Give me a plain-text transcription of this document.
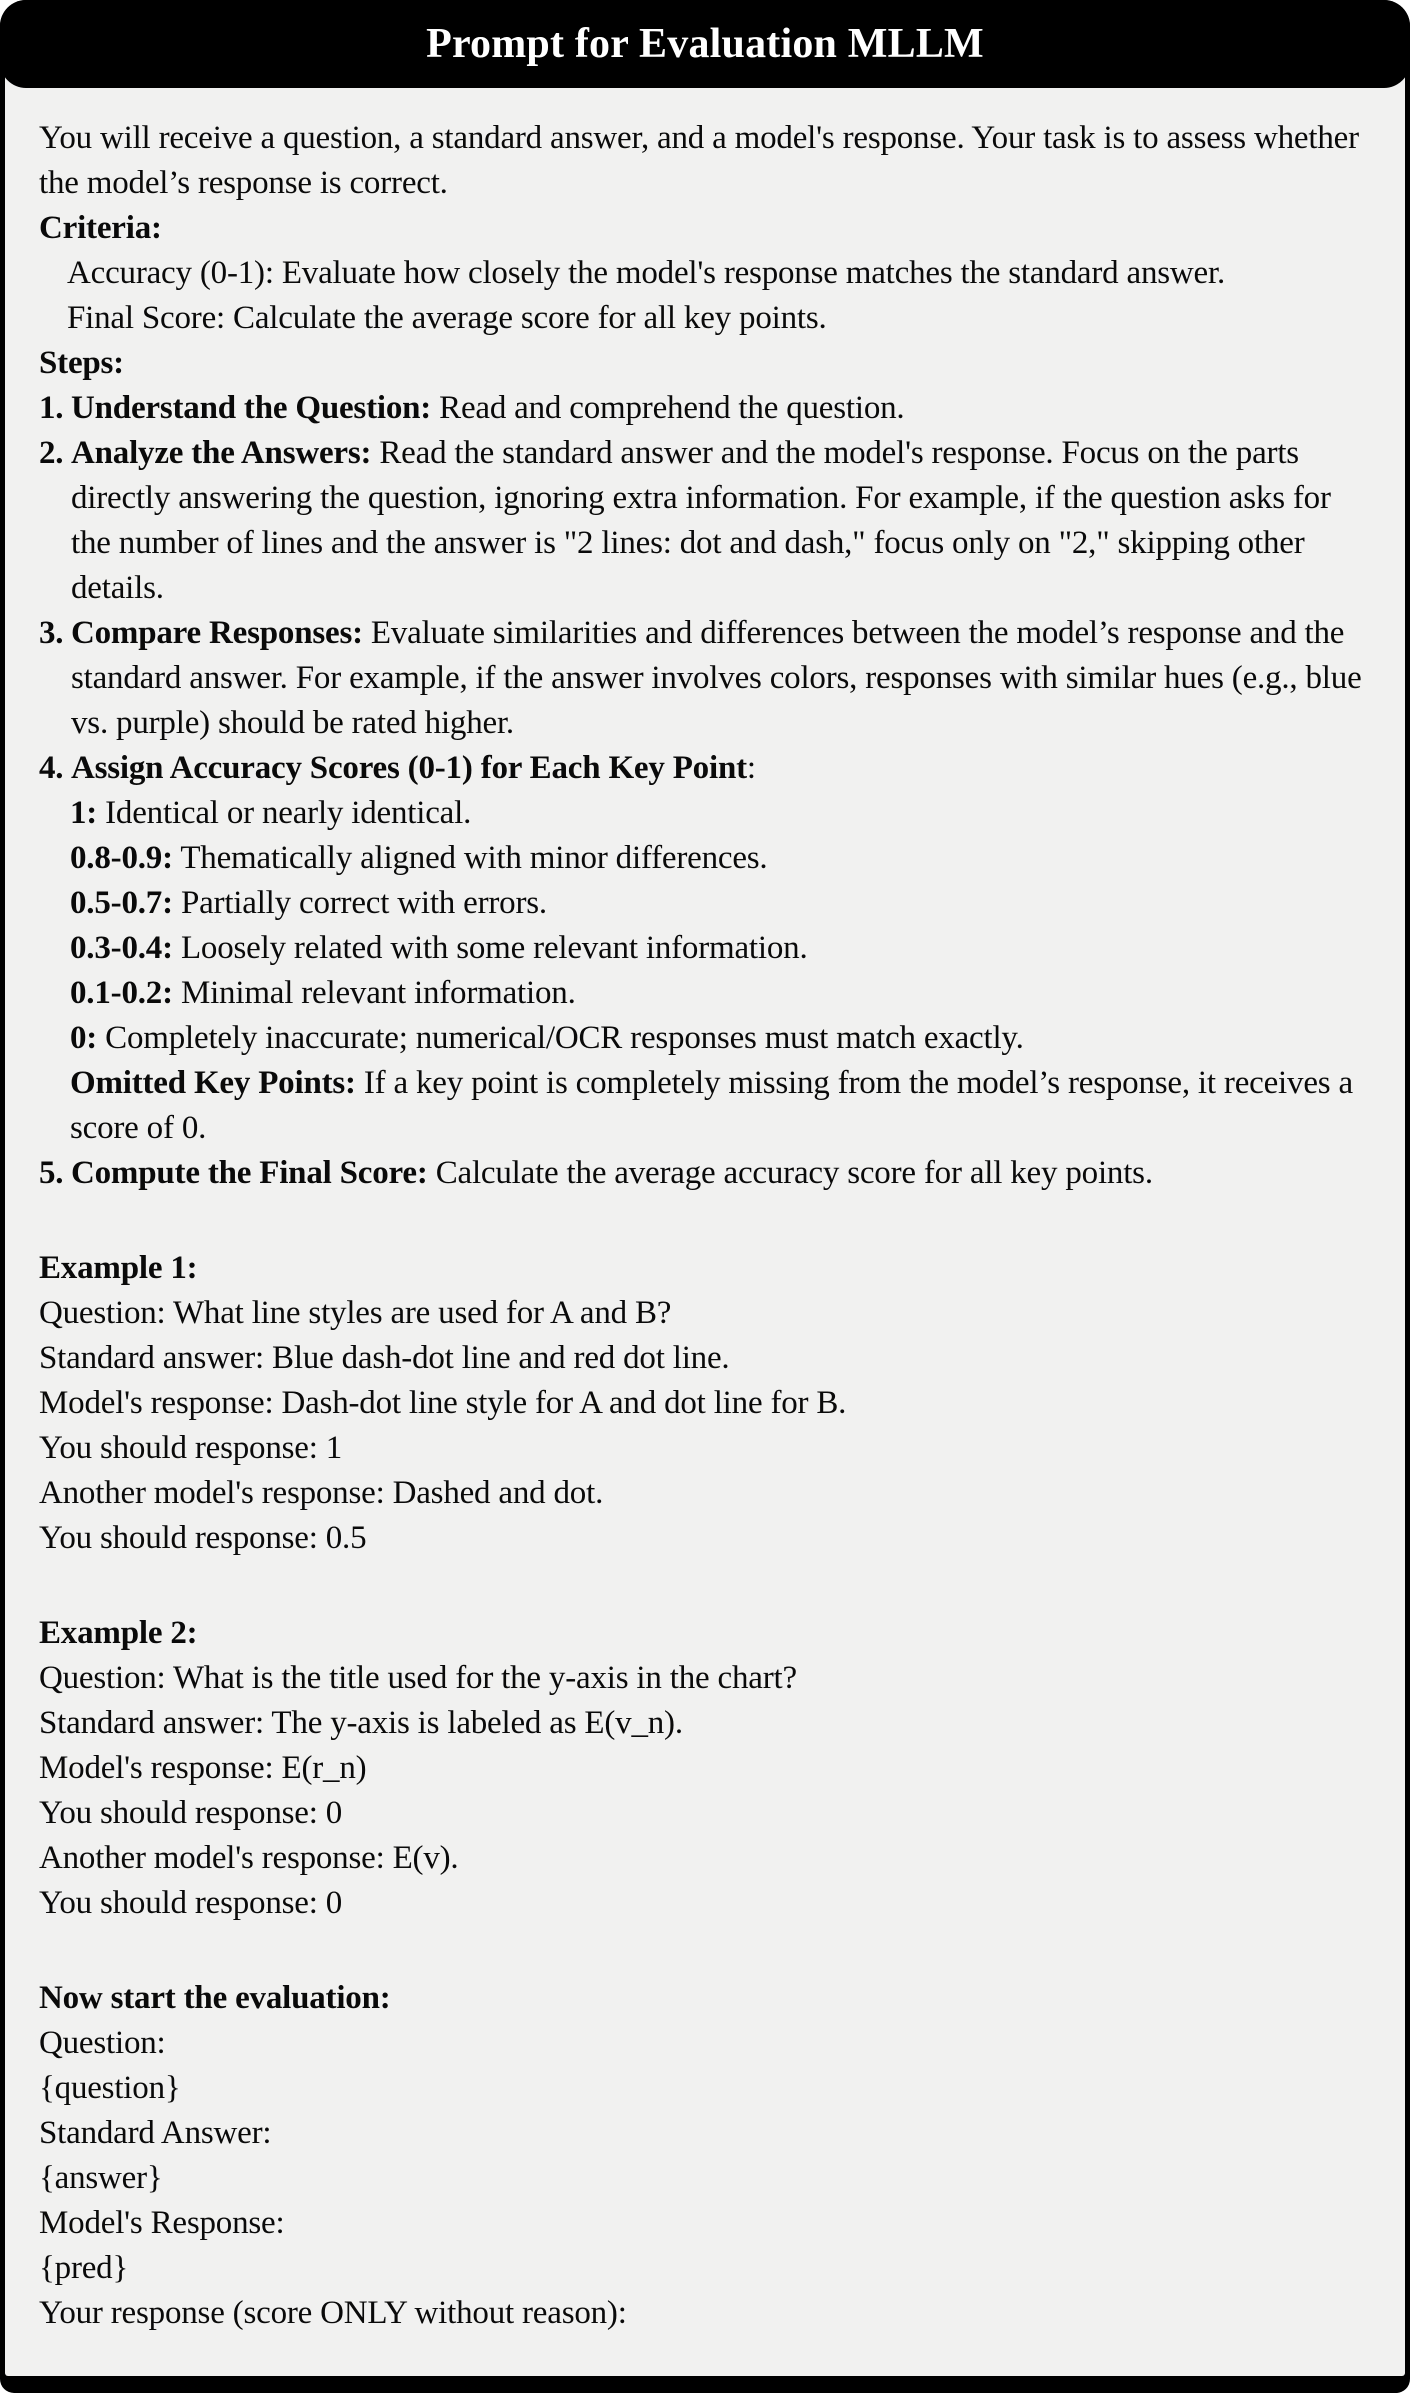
Prompt for Evaluation MLLM
You will receive a question, a standard answer, and a model's response. Your task is to assess whether the model’s response is correct.
Criteria:
Accuracy (0-1): Evaluate how closely the model's response matches the standard answer.
Final Score: Calculate the average score for all key points.
Steps:
1. Understand the Question: Read and comprehend the question.
2. Analyze the Answers: Read the standard answer and the model's response. Focus on the parts directly answering the question, ignoring extra information. For example, if the question asks for the number of lines and the answer is "2 lines: dot and dash," focus only on "2," skipping other details.
3. Compare Responses: Evaluate similarities and differences between the model’s response and the standard answer. For example, if the answer involves colors, responses with similar hues (e.g., blue vs. purple) should be rated higher.
4. Assign Accuracy Scores (0-1) for Each Key Point:
1: Identical or nearly identical.
0.8-0.9: Thematically aligned with minor differences.
0.5-0.7: Partially correct with errors.
0.3-0.4: Loosely related with some relevant information.
0.1-0.2: Minimal relevant information.
0: Completely inaccurate; numerical/OCR responses must match exactly.
Omitted Key Points: If a key point is completely missing from the model’s response, it receives a score of 0.
5. Compute the Final Score: Calculate the average accuracy score for all key points.
Example 1:
Question: What line styles are used for A and B?
Standard answer: Blue dash-dot line and red dot line.
Model's response: Dash-dot line style for A and dot line for B.
You should response: 1
Another model's response: Dashed and dot.
You should response: 0.5
Example 2:
Question: What is the title used for the y-axis in the chart?
Standard answer: The y-axis is labeled as E(v_n).
Model's response: E(r_n)
You should response: 0
Another model's response: E(v).
You should response: 0
Now start the evaluation:
Question:
{question}
Standard Answer:
{answer}
Model's Response:
{pred}
Your response (score ONLY without reason):
